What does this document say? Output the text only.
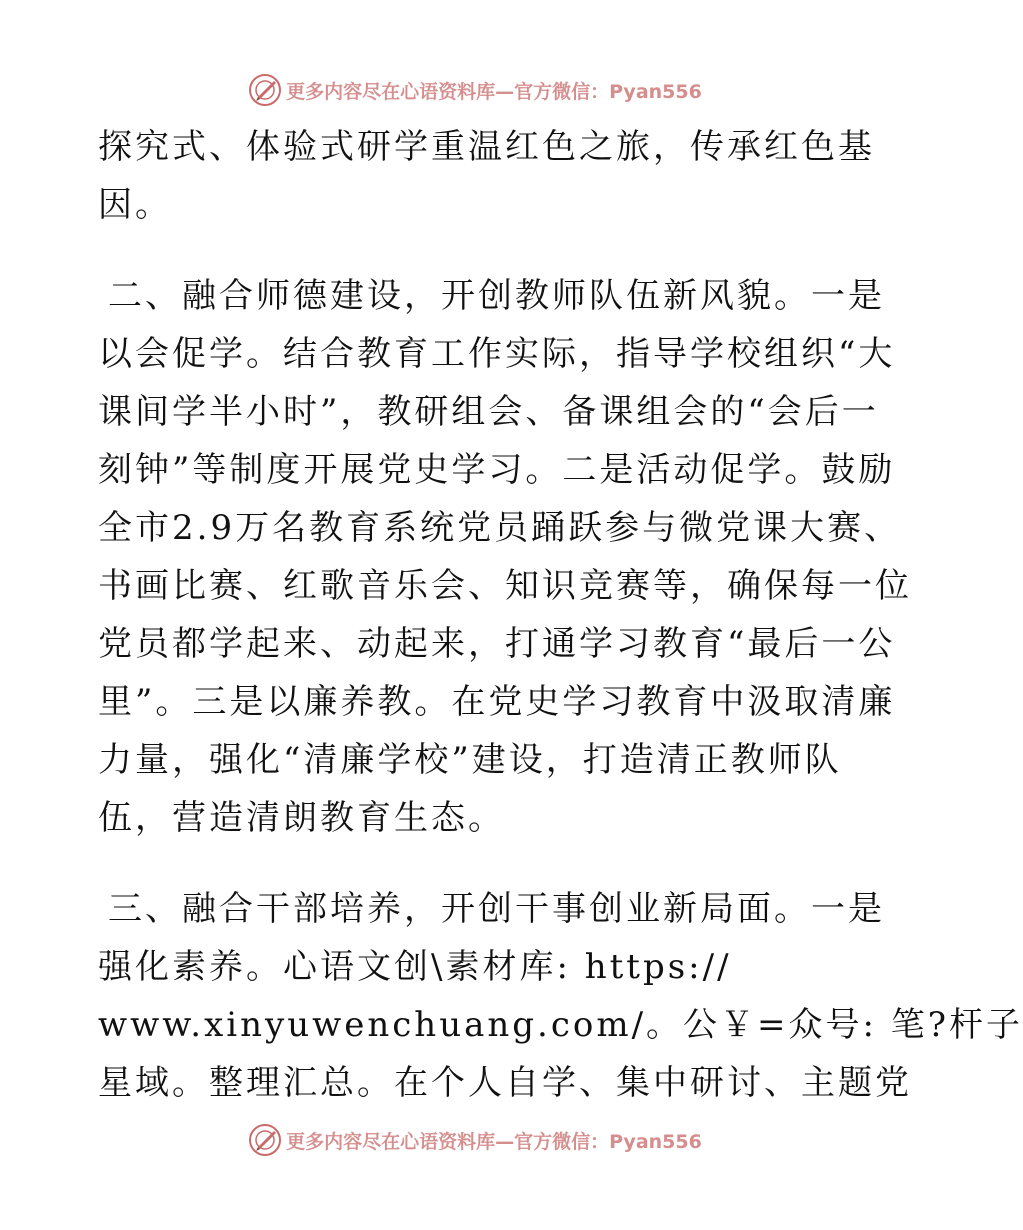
更多内容尽在心语资料库—官方微信：Pyan556
探究式、体验式研学重温红色之旅，传承红色基
因。
二、融合师德建设，开创教师队伍新风貌。一是
以会促学。结合教育工作实际，指导学校组织“大
课间学半小时”，教研组会、备课组会的“会后一
刻钟”等制度开展党史学习。二是活动促学。鼓励
全市2.9万名教育系统党员踊跃参与微党课大赛、
书画比赛、红歌音乐会、知识竞赛等，确保每一位
党员都学起来、动起来，打通学习教育“最后一公
里”。三是以廉养教。在党史学习教育中汲取清廉
力量，强化“清廉学校”建设，打造清正教师队
伍，营造清朗教育生态。
三、融合干部培养，开创干事创业新局面。一是
强化素养。心语文创\素材库: https://
www.xinyuwenchuang.com/。公￥=众号: 笔?杆子
星域。整理汇总。在个人自学、集中研讨、主题党
更多内容尽在心语资料库—官方微信：Pyan556
